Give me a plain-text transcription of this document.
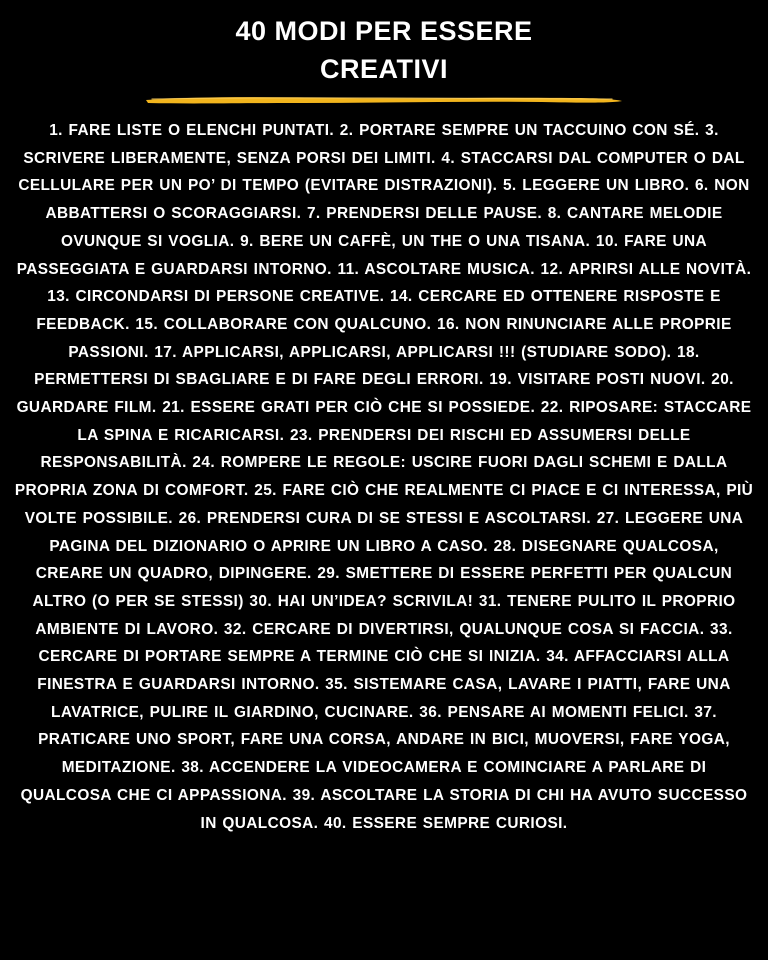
40 MODI PER ESSERE
CREATIVI

1. FARE LISTE O ELENCHI PUNTATI. 2. PORTARE SEMPRE UN TACCUINO CON SÉ. 3. SCRIVERE LIBERAMENTE, SENZA PORSI DEI LIMITI. 4. STACCARSI DAL COMPUTER O DAL CELLULARE PER UN PO’ DI TEMPO (EVITARE DISTRAZIONI). 5. LEGGERE UN LIBRO. 6. NON ABBATTERSI O SCORAGGIARSI. 7. PRENDERSI DELLE PAUSE. 8. CANTARE MELODIE OVUNQUE SI VOGLIA. 9. BERE UN CAFFÈ, UN THE O UNA TISANA. 10. FARE UNA PASSEGGIATA E GUARDARSI INTORNO. 11. ASCOLTARE MUSICA. 12. APRIRSI ALLE NOVITÀ. 13. CIRCONDARSI DI PERSONE CREATIVE. 14. CERCARE ED OTTENERE RISPOSTE E FEEDBACK. 15. COLLABORARE CON QUALCUNO. 16. NON RINUNCIARE ALLE PROPRIE PASSIONI. 17. APPLICARSI, APPLICARSI, APPLICARSI !!! (STUDIARE SODO). 18. PERMETTERSI DI SBAGLIARE E DI FARE DEGLI ERRORI. 19. VISITARE POSTI NUOVI. 20. GUARDARE FILM. 21. ESSERE GRATI PER CIÒ CHE SI POSSIEDE. 22. RIPOSARE: STACCARE LA SPINA E RICARICARSI. 23. PRENDERSI DEI RISCHI ED ASSUMERSI DELLE RESPONSABILITÀ. 24. ROMPERE LE REGOLE: USCIRE FUORI DAGLI SCHEMI E DALLA PROPRIA ZONA DI COMFORT. 25. FARE CIÒ CHE REALMENTE CI PIACE E CI INTERESSA, PIÙ VOLTE POSSIBILE. 26. PRENDERSI CURA DI SE STESSI E ASCOLTARSI. 27. LEGGERE UNA PAGINA DEL DIZIONARIO O APRIRE UN LIBRO A CASO. 28. DISEGNARE QUALCOSA, CREARE UN QUADRO, DIPINGERE. 29. SMETTERE DI ESSERE PERFETTI PER QUALCUN ALTRO (O PER SE STESSI) 30. HAI UN’IDEA? SCRIVILA! 31. TENERE PULITO IL PROPRIO AMBIENTE DI LAVORO. 32. CERCARE DI DIVERTIRSI, QUALUNQUE COSA SI FACCIA. 33. CERCARE DI PORTARE SEMPRE A TERMINE CIÒ CHE SI INIZIA. 34. AFFACCIARSI ALLA FINESTRA E GUARDARSI INTORNO. 35. SISTEMARE CASA, LAVARE I PIATTI, FARE UNA LAVATRICE, PULIRE IL GIARDINO, CUCINARE. 36. PENSARE AI MOMENTI FELICI. 37. PRATICARE UNO SPORT, FARE UNA CORSA, ANDARE IN BICI, MUOVERSI, FARE YOGA, MEDITAZIONE. 38. ACCENDERE LA VIDEOCAMERA E COMINCIARE A PARLARE DI QUALCOSA CHE CI APPASSIONA. 39. ASCOLTARE LA STORIA DI CHI HA AVUTO SUCCESSO IN QUALCOSA. 40. ESSERE SEMPRE CURIOSI.
